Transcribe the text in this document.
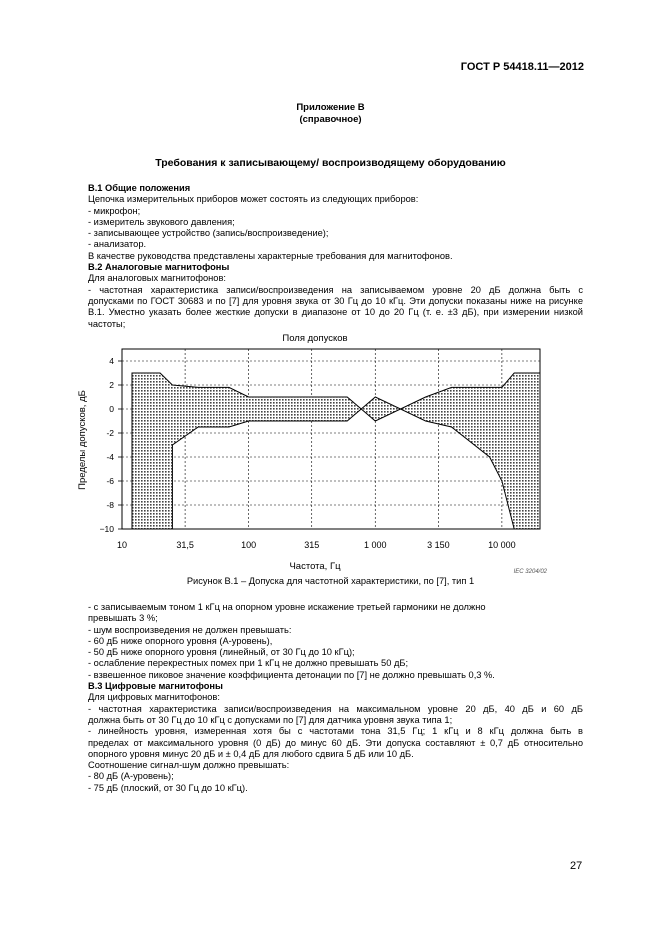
ГОСТ Р 54418.11—2012
Приложение В
(справочное)
Требования к записывающему/ воспроизводящему оборудованию
В.1 Общие положения
Цепочка измерительных приборов может состоять из следующих приборов:
- микрофон;
- измеритель звукового давления;
- записывающее устройство (запись/воспроизведение);
- анализатор.
В качестве руководства представлены характерные требования для магнитофонов.
В.2 Аналоговые магнитофоны
Для аналоговых магнитофонов:
- частотная характеристика записи/воспроизведения на записываемом уровне 20 дБ должна быть с
допусками по ГОСТ 30683 и по [7] для уровня звука от 30 Гц до 10 кГц. Эти допуски показаны ниже на рисунке
В.1. Уместно указать более жесткие допуски в диапазоне от 10 до 20 Гц (т. е. ±3 дБ), при измерении низкой
частоты;
Поля допусков
4
2
0
-2
-4
-6
-8
−10
10	31,5	100	315	1 000	3 150	10 000
Пределы допусков, дБ
Частота, Гц	IEC 3204/02
Рисунок В.1 – Допуска для частотной характеристики, по [7], тип 1
- с записываемым тоном 1 кГц на опорном уровне искажение третьей гармоники не должно
превышать 3 %;
- шум воспроизведения не должен превышать:
- 60 дБ ниже опорного уровня (А-уровень),
- 50 дБ ниже опорного уровня (линейный, от 30 Гц до 10 кГц);
- ослабление перекрестных помех при 1 кГц не должно превышать 50 дБ;
- взвешенное пиковое значение коэффициента детонации по [7] не должно превышать 0,3 %.
В.3 Цифровые магнитофоны
Для цифровых магнитофонов:
- частотная характеристика записи/воспроизведения на максимальном уровне 20 дБ, 40 дБ и 60 дБ
должна быть от 30 Гц до 10 кГц с допусками по [7] для датчика уровня звука типа 1;
- линейность уровня, измеренная хотя бы с частотами тона 31,5 Гц; 1 кГц и 8 кГц должна быть в
пределах от максимального уровня (0 дБ) до минус 60 дБ. Эти допуска составляют ± 0,7 дБ относительно
опорного уровня минус 20 дБ и ± 0,4 дБ для любого сдвига 5 дБ или 10 дБ.
Соотношение сигнал-шум должно превышать:
- 80 дБ (А-уровень);
- 75 дБ (плоский, от 30 Гц до 10 кГц).
27
